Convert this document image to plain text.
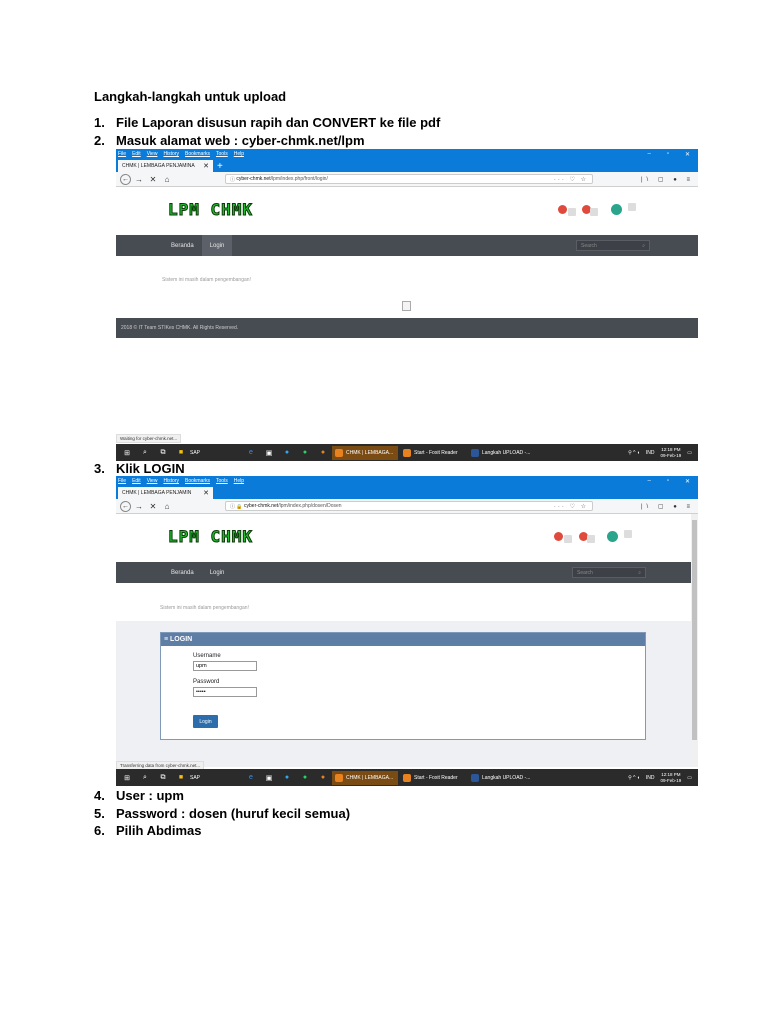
Langkah-langkah untuk upload
1. File Laporan disusun rapih dan CONVERT ke file pdf
2. Masuk alamat web : cyber-chmk.net/lpm
File Edit View History Bookmarks Tools Help	–	▫	✕
CHMK | LEMBAGA PENJAMINA ✕ +
← → ✕	⌂	ⓘ
cyber-chmk.net /lpm/index.php/front/login/	··· ♡ ☆	|\ ▢ ● ≡
LPM CHMK
Beranda	Login	Search	⌕
Sistem ini masih dalam pengembangan!
2018 © IT Team STIKes CHMK. All Rights Reserved.
Waiting for cyber-chmk.net...
⊞	⌕	⧉	■	SAP	e	▣	●	●	●	CHMK | LEMBAGA...	Start - Foxit Reader	Langkah UPLOAD -...	⚲ ^ ◖ IND
12:18 PM
09-Feb-19 ▭
3. Klik LOGIN
File Edit View History Bookmarks Tools Help	–	▫	✕
CHMK | LEMBAGA PENJAMIN ✕
← → ✕	⌂	ⓘ 🔒
cyber-chmk.net /lpm/index.php/dosen/Dosen	··· ♡ ☆	|\ ▢ ● ≡
LPM CHMK
Beranda	Login	Search	⌕
Sistem ini masih dalam pengembangan!
≡ LOGIN
Username
upm
Password
•••••
Login
Transferring data from cyber-chmk.net...
⊞	⌕	⧉	■	SAP	e	▣	●	●	●	CHMK | LEMBAGA...	Start - Foxit Reader	Langkah UPLOAD -...	⚲ ^ ◖ IND
12:18 PM
09-Feb-19 ▭
4. User : upm
5. Password : dosen (huruf kecil semua)
6. Pilih Abdimas
